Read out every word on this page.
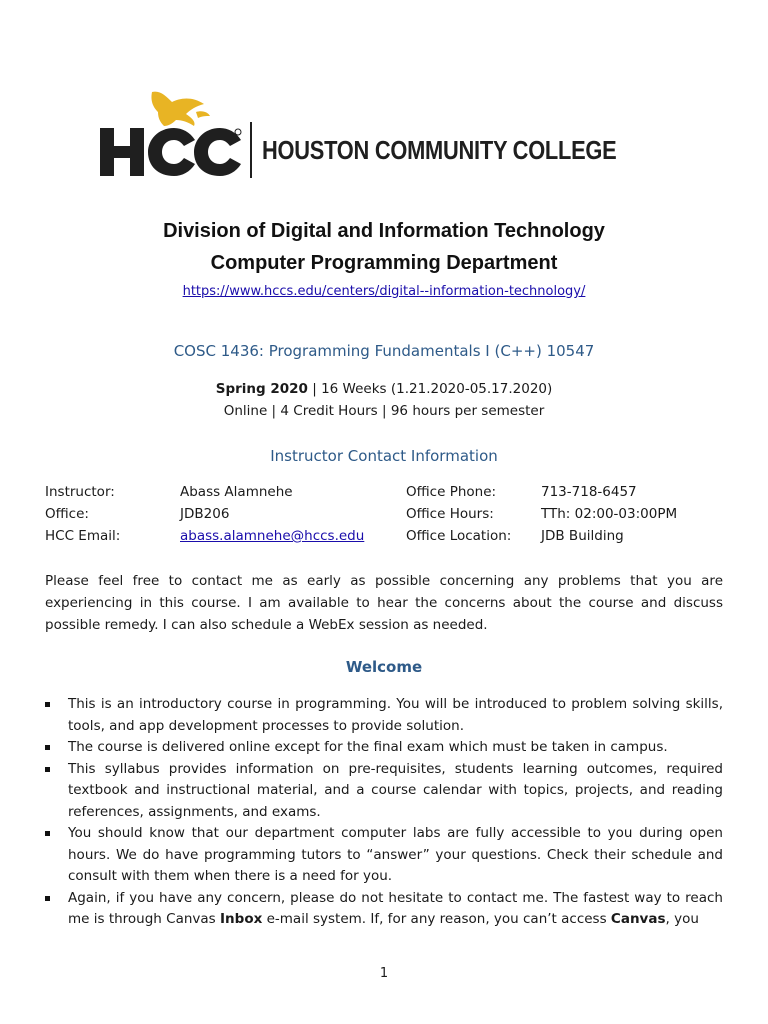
HOUSTON COMMUNITY COLLEGE
Division of Digital and Information Technology
Computer Programming Department
https://www.hccs.edu/centers/digital--information-technology/
COSC 1436: Programming Fundamentals I (C++) 10547
Spring 2020 | 16 Weeks (1.21.2020-05.17.2020)
Online | 4 Credit Hours | 96 hours per semester
Instructor Contact Information
Instructor:	Abass Alamnehe	Office Phone:	713-718-6457
Office:	JDB206	Office Hours:	TTh: 02:00-03:00PM
HCC Email:	abass.alamnehe@hccs.edu	Office Location: JDB Building
Please feel free to contact me as early as possible concerning any problems that you are experiencing in this course. I am available to hear the concerns about the course and discuss possible remedy. I can also schedule a WebEx session as needed.
Welcome
This is an introductory course in programming. You will be introduced to problem solving skills, tools, and app development processes to provide solution.
The course is delivered online except for the final exam which must be taken in campus.
This syllabus provides information on pre-requisites, students learning outcomes, required textbook and instructional material, and a course calendar with topics, projects, and reading references, assignments, and exams.
You should know that our department computer labs are fully accessible to you during open hours. We do have programming tutors to “answer” your questions. Check their schedule and consult with them when there is a need for you.
Again, if you have any concern, please do not hesitate to contact me. The fastest way to reach me is through Canvas Inbox e-mail system. If, for any reason, you can’t access Canvas, you
1
